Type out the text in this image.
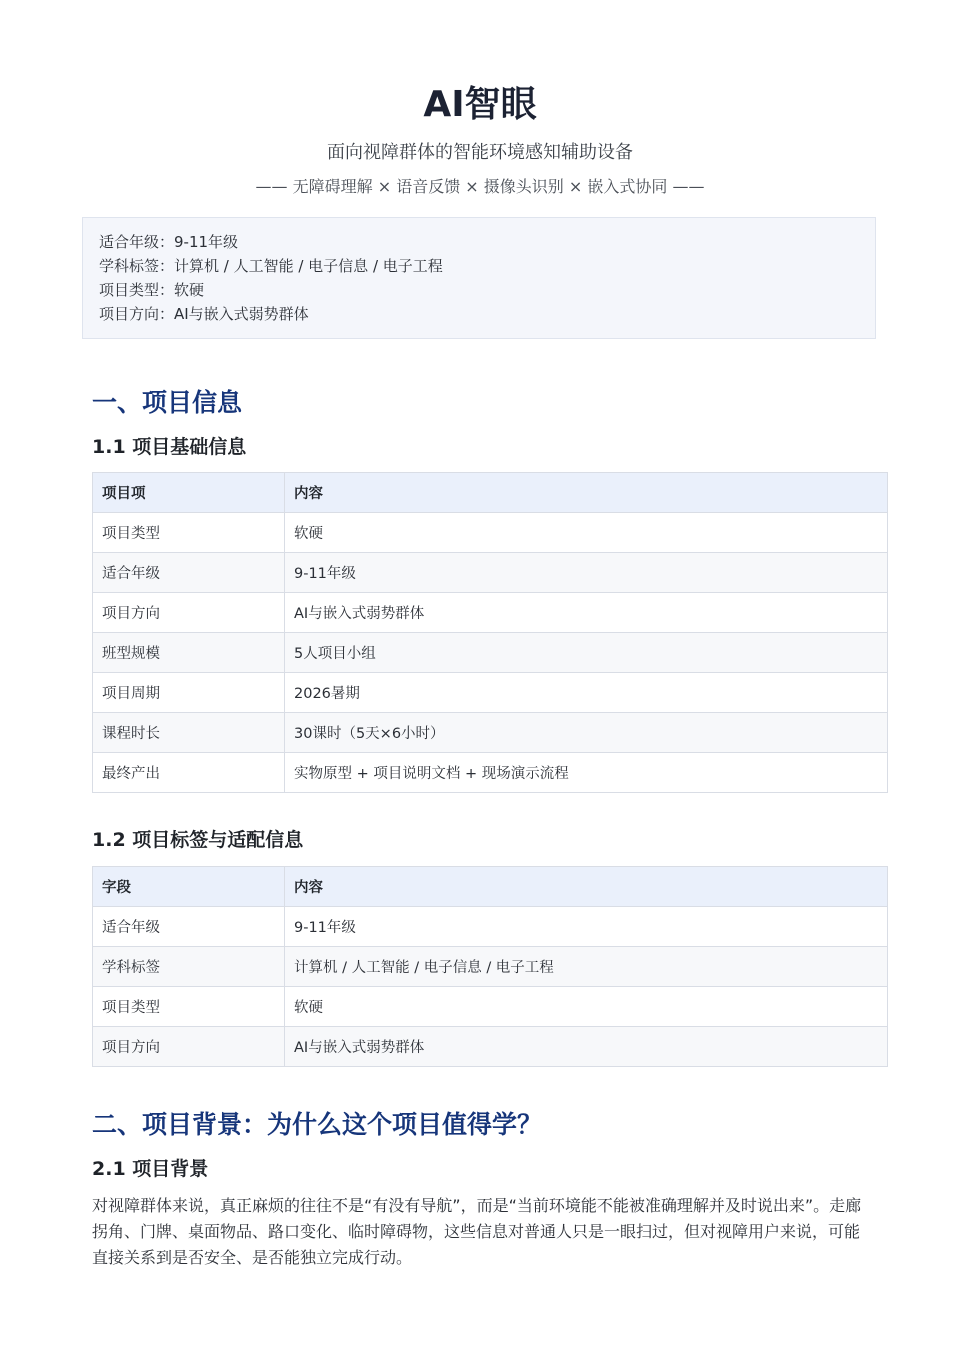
AI智眼
面向视障群体的智能环境感知辅助设备
—— 无障碍理解 × 语音反馈 × 摄像头识别 × 嵌入式协同 ——
适合年级：9-11年级
学科标签：计算机 / 人工智能 / 电子信息 / 电子工程
项目类型：软硬
项目方向：AI与嵌入式弱势群体
一、项目信息
1.1 项目基础信息
项目项	内容
项目类型	软硬
适合年级	9-11年级
项目方向	AI与嵌入式弱势群体
班型规模	5人项目小组
项目周期	2026暑期
课程时长	30课时（5天×6小时）
最终产出	实物原型 + 项目说明文档 + 现场演示流程
1.2 项目标签与适配信息
字段	内容
适合年级	9-11年级
学科标签	计算机 / 人工智能 / 电子信息 / 电子工程
项目类型	软硬
项目方向	AI与嵌入式弱势群体
二、项目背景：为什么这个项目值得学？
2.1 项目背景
对视障群体来说，真正麻烦的往往不是“有没有导航”，而是“当前环境能不能被准确理解并及时说出来”。走廊拐角、门牌、桌面物品、路口变化、临时障碍物，这些信息对普通人只是一眼扫过，但对视障用户来说，可能直接关系到是否安全、是否能独立完成行动。
